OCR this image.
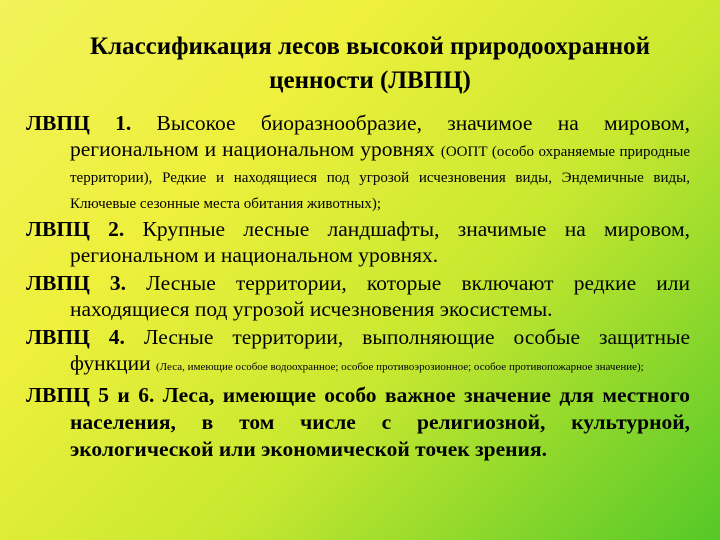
Классификация лесов высокой природоохранной
ценности (ЛВПЦ)
ЛВПЦ 1. Высокое биоразнообразие, значимое на мировом, региональном и национальном уровнях (ООПТ (особо охраняемые природные территории), Редкие и находящиеся под угрозой исчезновения виды, Эндемичные виды, Ключевые сезонные места обитания животных);
ЛВПЦ 2. Крупные лесные ландшафты, значимые на мировом, региональном и национальном уровнях.
ЛВПЦ 3. Лесные территории, которые включают редкие или находящиеся под угрозой исчезновения экосистемы.
ЛВПЦ 4. Лесные территории, выполняющие особые защитные функции (Леса, имеющие особое водоохранное; особое противоэрозионное; особое противопожарное значение);
ЛВПЦ 5 и 6. Леса, имеющие особо важное значение для местного населения, в том числе с религиозной, культурной, экологической или экономической точек зрения.
